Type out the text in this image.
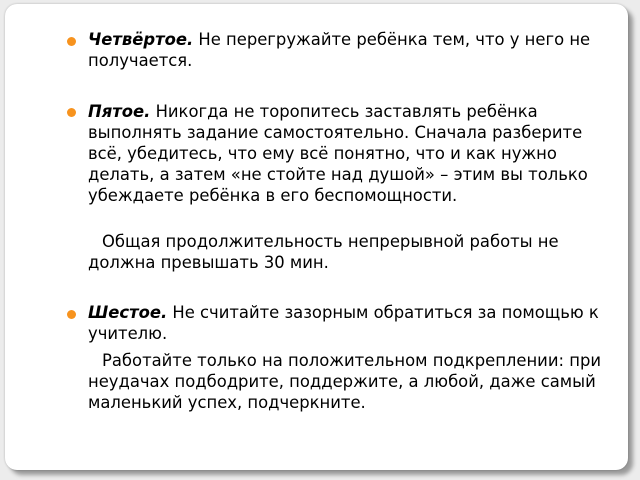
Четвёртое. Не перегружайте ребёнка тем, что у него не получается.

Пятое. Никогда не торопитесь заставлять ребёнка выполнять задание самостоятельно. Сначала разберите всё, убедитесь, что ему всё понятно, что и как нужно делать, а затем «не стойте над душой» – этим вы только убеждаете ребёнка в его беспомощности.

Общая продолжительность непрерывной работы не должна превышать 30 мин.

Шестое. Не считайте зазорным обратиться за помощью к учителю.

Работайте только на положительном подкреплении: при неудачах подбодрите, поддержите, а любой, даже самый маленький успех, подчеркните.
